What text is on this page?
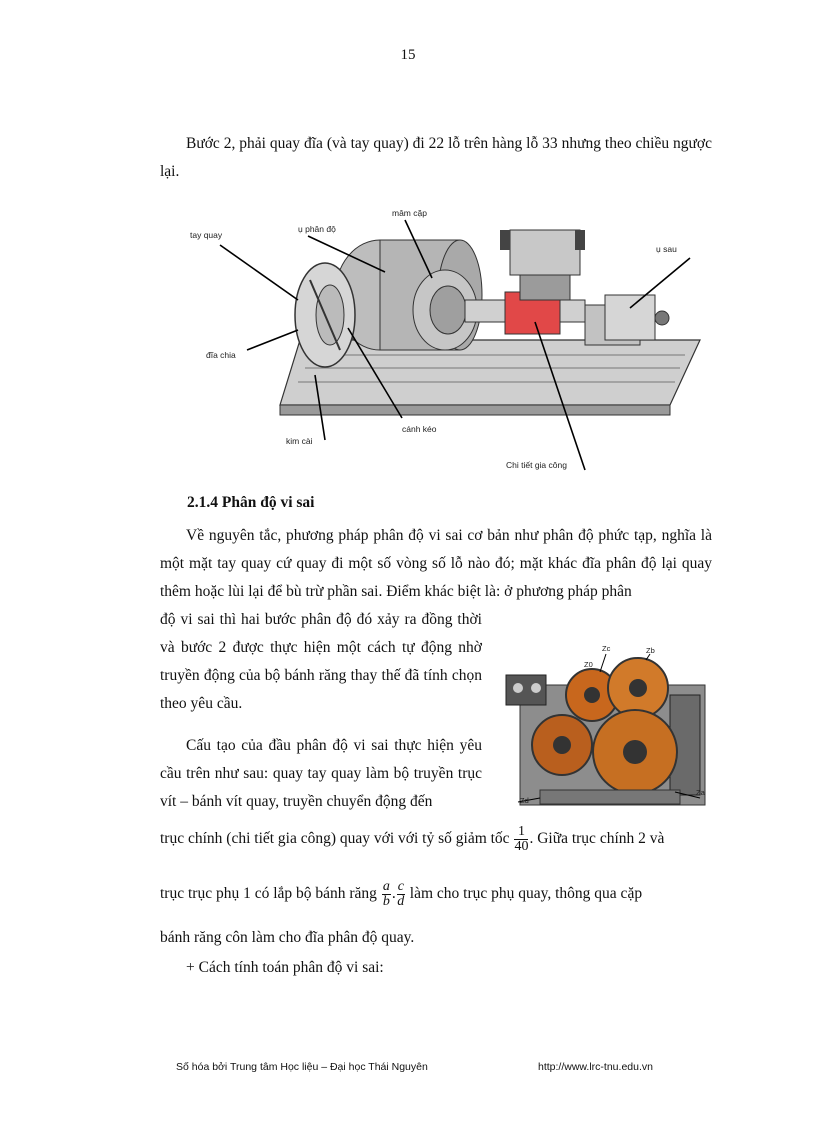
15
Bước 2, phải quay đĩa (và tay quay) đi 22 lỗ trên hàng lỗ 33 nhưng theo chiều ngược lại.
tay quay
ụ phân độ
mâm cặp
ụ sau
đĩa chia
kim cài
cánh kéo
Chi tiết gia công
2.1.4 Phân độ vi sai
Về nguyên tắc, phương pháp phân độ vi sai cơ bản như phân độ phức tạp, nghĩa là một mặt tay quay cứ quay đi một số vòng số lỗ nào đó; mặt khác đĩa phân độ lại quay thêm hoặc lùi lại để bù trừ phần sai. Điểm khác biệt là: ở phương pháp phân
độ vi sai thì hai bước phân độ đó xảy ra đồng thời và bước 2 được thực hiện một cách tự động nhờ truyền động của bộ bánh răng thay thế đã tính chọn theo yêu cầu.
Cấu tạo của đầu phân độ vi sai thực hiện yêu cầu trên như sau: quay tay quay làm bộ truyền trục vít – bánh vít quay, truyền chuyển động đến
Zc	Zb
Z0
Zd
Za
trục chính (chi tiết gia công) quay với với tỷ số giảm tốc $\frac{1}{40}$ . Giữa trục chính 2 và
trục trục phụ 1 có lắp bộ bánh răng $\frac{a}{b}$ . $\frac{c}{d}$ làm cho trục phụ quay, thông qua cặp
bánh răng côn làm cho đĩa phân độ quay.
+ Cách tính toán phân độ vi sai:
Số hóa bởi Trung tâm Học liệu – Đại học Thái Nguyên	http://www.lrc-tnu.edu.vn
